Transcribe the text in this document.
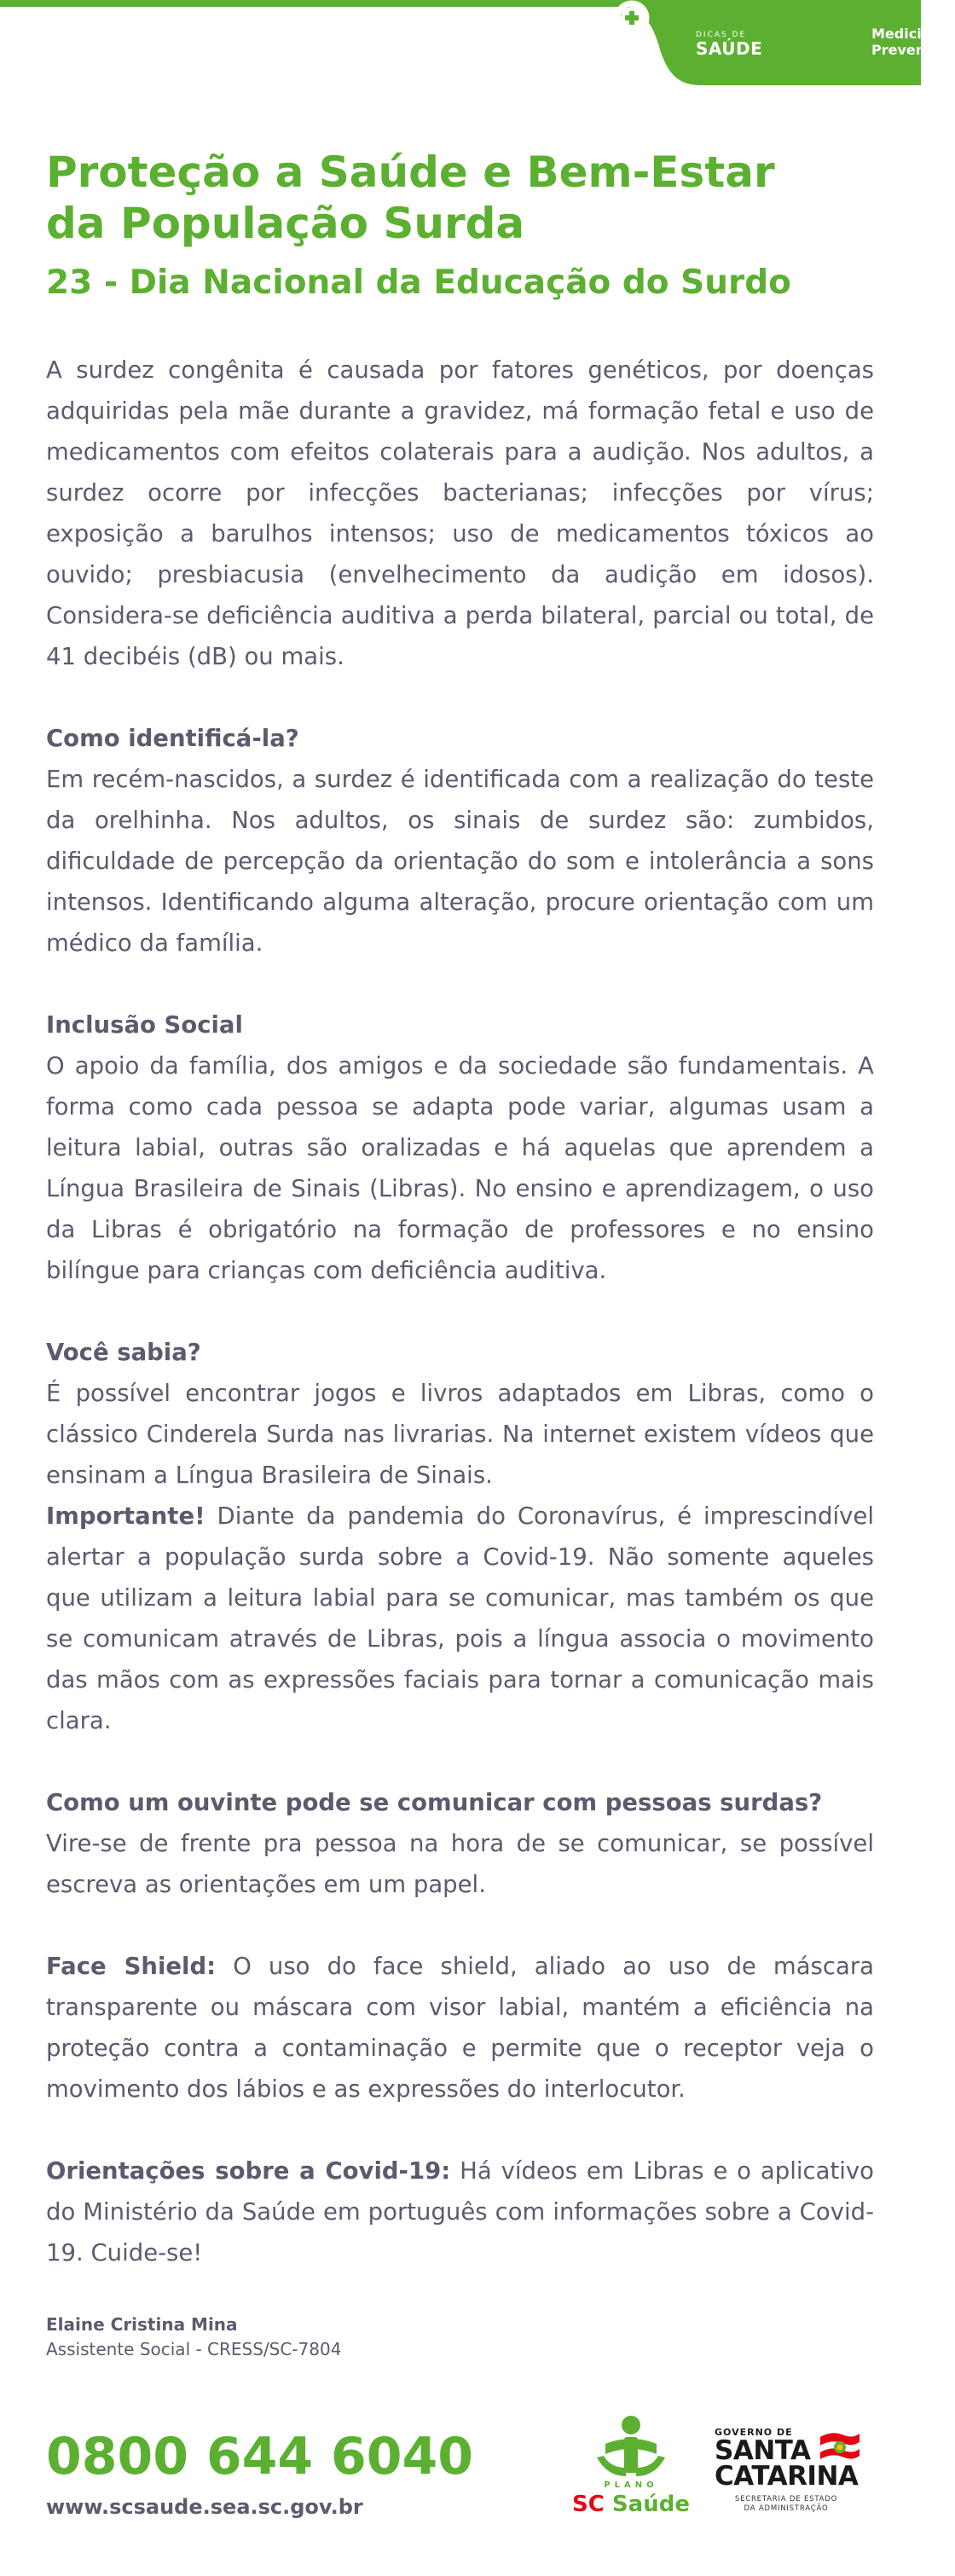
DICAS DE
SAÚDE
Medicina
Preventiva
Proteção a Saúde e Bem-Estar
da População Surda
23 - Dia Nacional da Educação do Surdo

A surdez congênita é causada por fatores genéticos, por doenças adquiridas pela mãe durante a gravidez, má formação fetal e uso de medicamentos com efeitos colaterais para a audição. Nos adultos, a surdez ocorre por infecções bacterianas; infecções por vírus; exposição a barulhos intensos; uso de medicamentos tóxicos ao ouvido; presbiacusia (envelhecimento da audição em idosos). Considera-se deficiência auditiva a perda bilateral, parcial ou total, de 41 decibéis (dB) ou mais.

Como identificá-la?
Em recém-nascidos, a surdez é identificada com a realização do teste da orelhinha. Nos adultos, os sinais de surdez são: zumbidos, dificuldade de percepção da orientação do som e intolerância a sons intensos. Identificando alguma alteração, procure orientação com um médico da família.

Inclusão Social
O apoio da família, dos amigos e da sociedade são fundamentais. A forma como cada pessoa se adapta pode variar, algumas usam a leitura labial, outras são oralizadas e há aquelas que aprendem a Língua Brasileira de Sinais (Libras). No ensino e aprendizagem, o uso da Libras é obrigatório na formação de professores e no ensino bilíngue para crianças com deficiência auditiva.

Você sabia?
É possível encontrar jogos e livros adaptados em Libras, como o clássico Cinderela Surda nas livrarias. Na internet existem vídeos que ensinam a Língua Brasileira de Sinais.
Importante! Diante da pandemia do Coronavírus, é imprescindível alertar a população surda sobre a Covid-19. Não somente aqueles que utilizam a leitura labial para se comunicar, mas também os que se comunicam através de Libras, pois a língua associa o movimento das mãos com as expressões faciais para tornar a comunicação mais clara.

Como um ouvinte pode se comunicar com pessoas surdas?
Vire-se de frente pra pessoa na hora de se comunicar, se possível escreva as orientações em um papel.

Face Shield: O uso do face shield, aliado ao uso de máscara transparente ou máscara com visor labial, mantém a eficiência na proteção contra a contaminação e permite que o receptor veja o movimento dos lábios e as expressões do interlocutor.

Orientações sobre a Covid-19: Há vídeos em Libras e o aplicativo do Ministério da Saúde em português com informações sobre a Covid-19. Cuide-se!

Elaine Cristina Mina
Assistente Social - CRESS/SC-7804
0800 644 6040
www.scsaude.sea.sc.gov.br
PLANO
SC Saúde
GOVERNO DE
SANTA
CATARINA
SECRETARIA DE ESTADO
DA ADMINISTRAÇÃO
